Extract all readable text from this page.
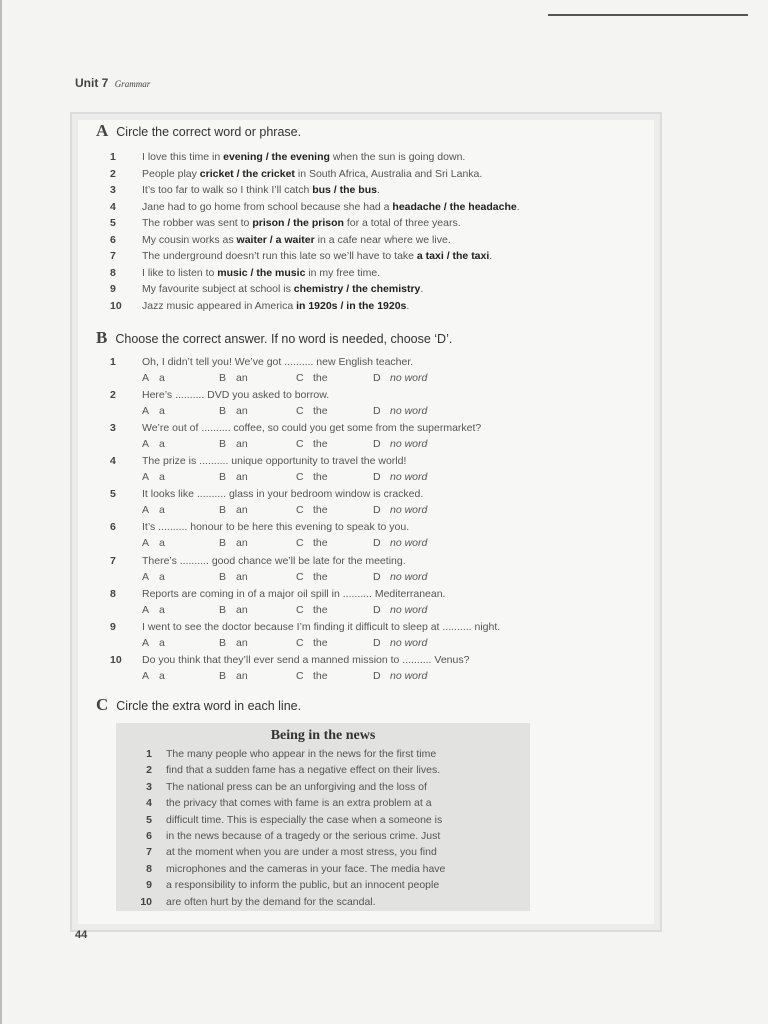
Unit 7 Grammar
A Circle the correct word or phrase.
1	I love this time in evening / the evening when the sun is going down.
2	People play cricket / the cricket in South Africa, Australia and Sri Lanka.
3	It’s too far to walk so I think I’ll catch bus / the bus.
4	Jane had to go home from school because she had a headache / the headache.
5	The robber was sent to prison / the prison for a total of three years.
6	My cousin works as waiter / a waiter in a cafe near where we live.
7	The underground doesn’t run this late so we’ll have to take a taxi / the taxi.
8	I like to listen to music / the music in my free time.
9	My favourite subject at school is chemistry / the chemistry.
10	Jazz music appeared in America in 1920s / in the 1920s.
B Choose the correct answer. If no word is needed, choose ‘D’.
1	Oh, I didn’t tell you! We’ve got .......... new English teacher.
A a	B an	C the	D no word
2	Here’s .......... DVD you asked to borrow.
A a	B an	C the	D no word
3	We’re out of .......... coffee, so could you get some from the supermarket?
A a	B an	C the	D no word
4	The prize is .......... unique opportunity to travel the world!
A a	B an	C the	D no word
5	It looks like .......... glass in your bedroom window is cracked.
A a	B an	C the	D no word
6	It’s .......... honour to be here this evening to speak to you.
A a	B an	C the	D no word
7	There’s .......... good chance we’ll be late for the meeting.
A a	B an	C the	D no word
8	Reports are coming in of a major oil spill in .......... Mediterranean.
A a	B an	C the	D no word
9	I went to see the doctor because I’m finding it difficult to sleep at .......... night.
A a	B an	C the	D no word
10	Do you think that they’ll ever send a manned mission to .......... Venus?
A a	B an	C the	D no word
C Circle the extra word in each line.
Being in the news
1	The many people who appear in the news for the first time
2	find that a sudden fame has a negative effect on their lives.
3	The national press can be an unforgiving and the loss of
4	the privacy that comes with fame is an extra problem at a
5	difficult time. This is especially the case when a someone is
6	in the news because of a tragedy or the serious crime. Just
7	at the moment when you are under a most stress, you find
8	microphones and the cameras in your face. The media have
9	a responsibility to inform the public, but an innocent people
10	are often hurt by the demand for the scandal.
44
